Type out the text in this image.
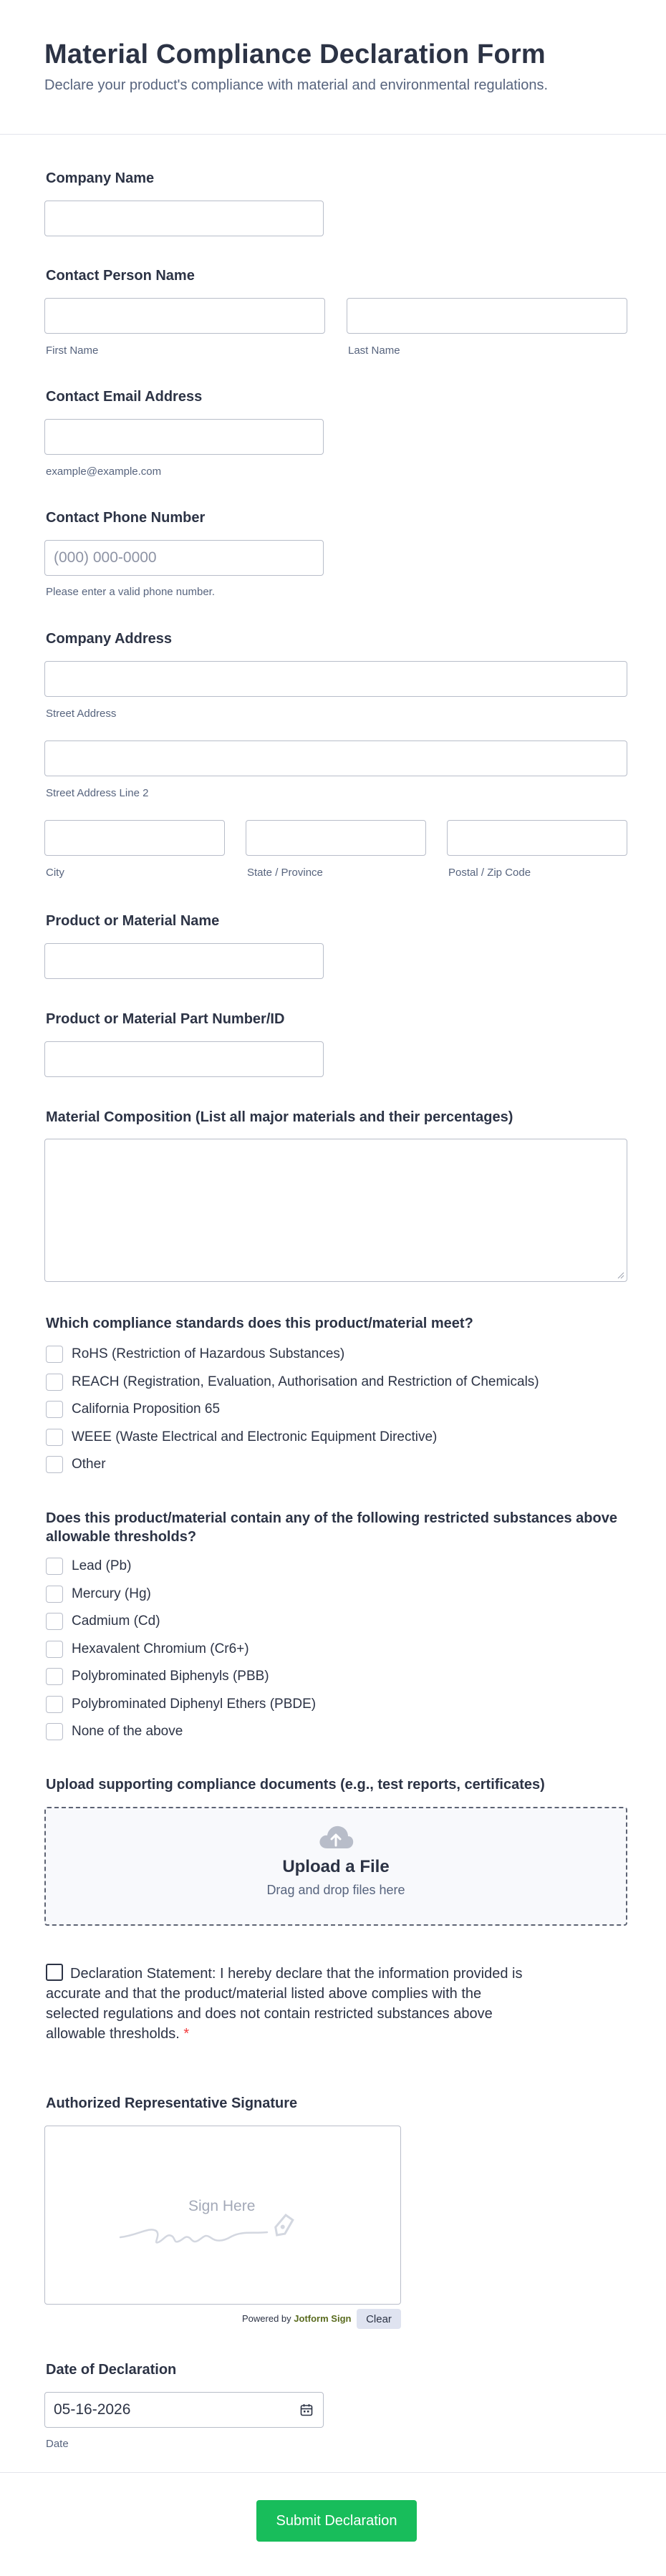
Material Compliance Declaration Form
Declare your product's compliance with material and environmental regulations.
Company Name
Contact Person Name
First Name	Last Name
Contact Email Address
example@example.com
Contact Phone Number
(000) 000-0000
Please enter a valid phone number.
Company Address
Street Address
Street Address Line 2
City	State / Province	Postal / Zip Code
Product or Material Name
Product or Material Part Number/ID
Material Composition (List all major materials and their percentages)
Which compliance standards does this product/material meet?
RoHS (Restriction of Hazardous Substances)
REACH (Registration, Evaluation, Authorisation and Restriction of Chemicals)
California Proposition 65
WEEE (Waste Electrical and Electronic Equipment Directive)
Other
Does this product/material contain any of the following restricted substances above
allowable thresholds?
Lead (Pb)
Mercury (Hg)
Cadmium (Cd)
Hexavalent Chromium (Cr6+)
Polybrominated Biphenyls (PBB)
Polybrominated Diphenyl Ethers (PBDE)
None of the above
Upload supporting compliance documents (e.g., test reports, certificates)
Upload a File
Drag and drop files here
Declaration Statement: I hereby declare that the information provided is
accurate and that the product/material listed above complies with the
selected regulations and does not contain restricted substances above
allowable thresholds. *
Authorized Representative Signature
Sign Here
Powered by Jotform Sign	Clear
Date of Declaration
05-16-2026
Date
Submit Declaration
